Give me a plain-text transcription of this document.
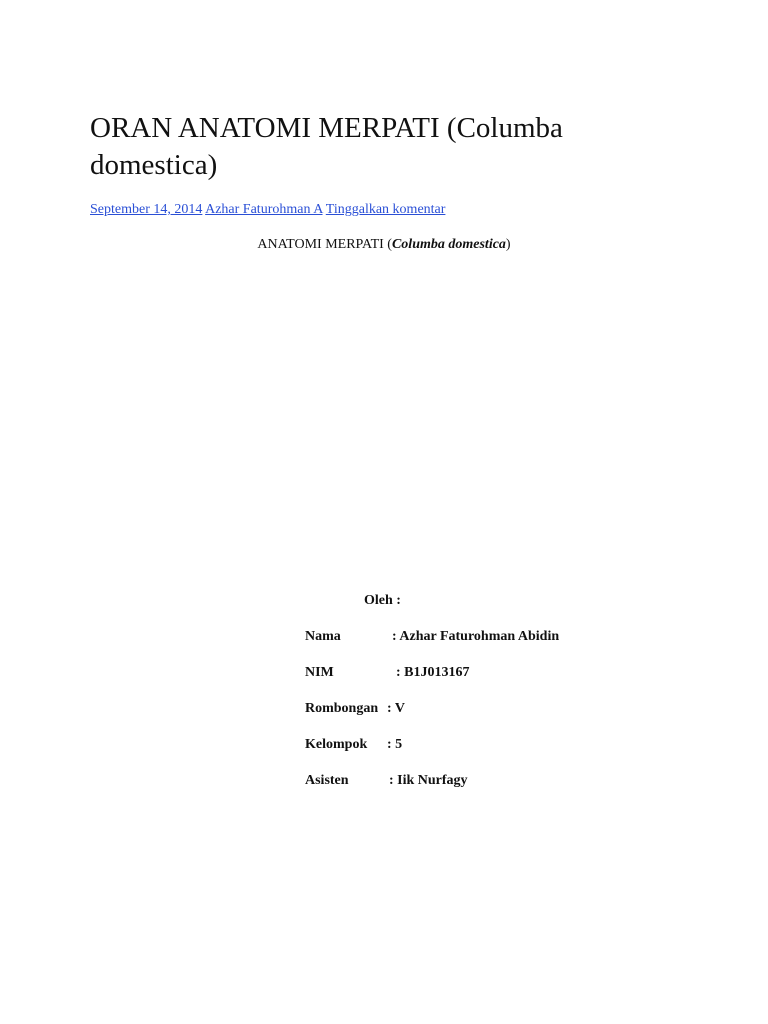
ORAN ANATOMI MERPATI (Columba domestica)
September 14, 2014 Azhar Faturohman A Tinggalkan komentar
ANATOMI MERPATI (Columba domestica)
Oleh :
Nama	: Azhar Faturohman Abidin
NIM	: B1J013167
Rombongan : V
Kelompok : 5
Asisten	: Iik Nurfagy
